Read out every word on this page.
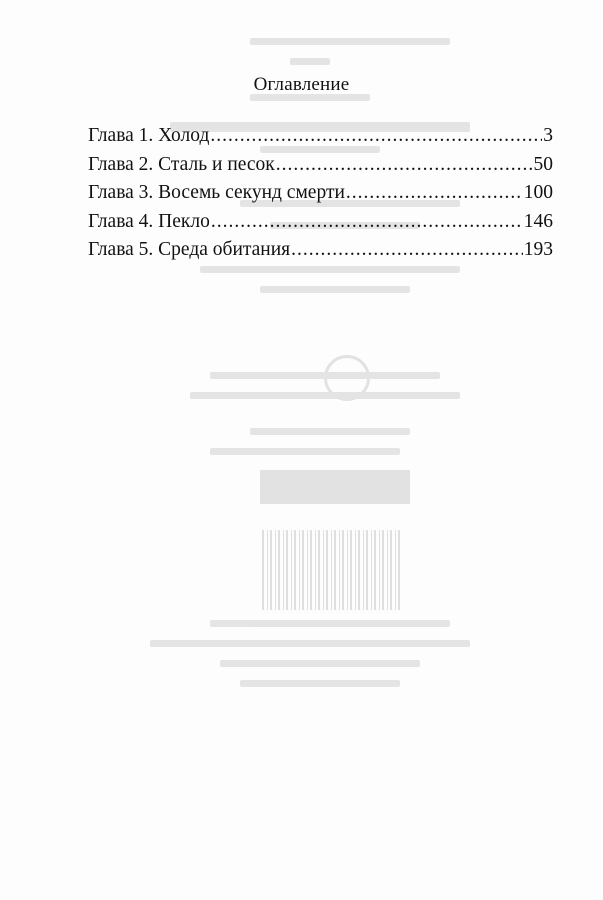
Оглавление
Глава 1. Холод .....	3
Глава 2. Сталь и песок .....	50
Глава 3. Восемь секунд смерти .....	100
Глава 4. Пекло .....	146
Глава 5. Среда обитания .....	193
